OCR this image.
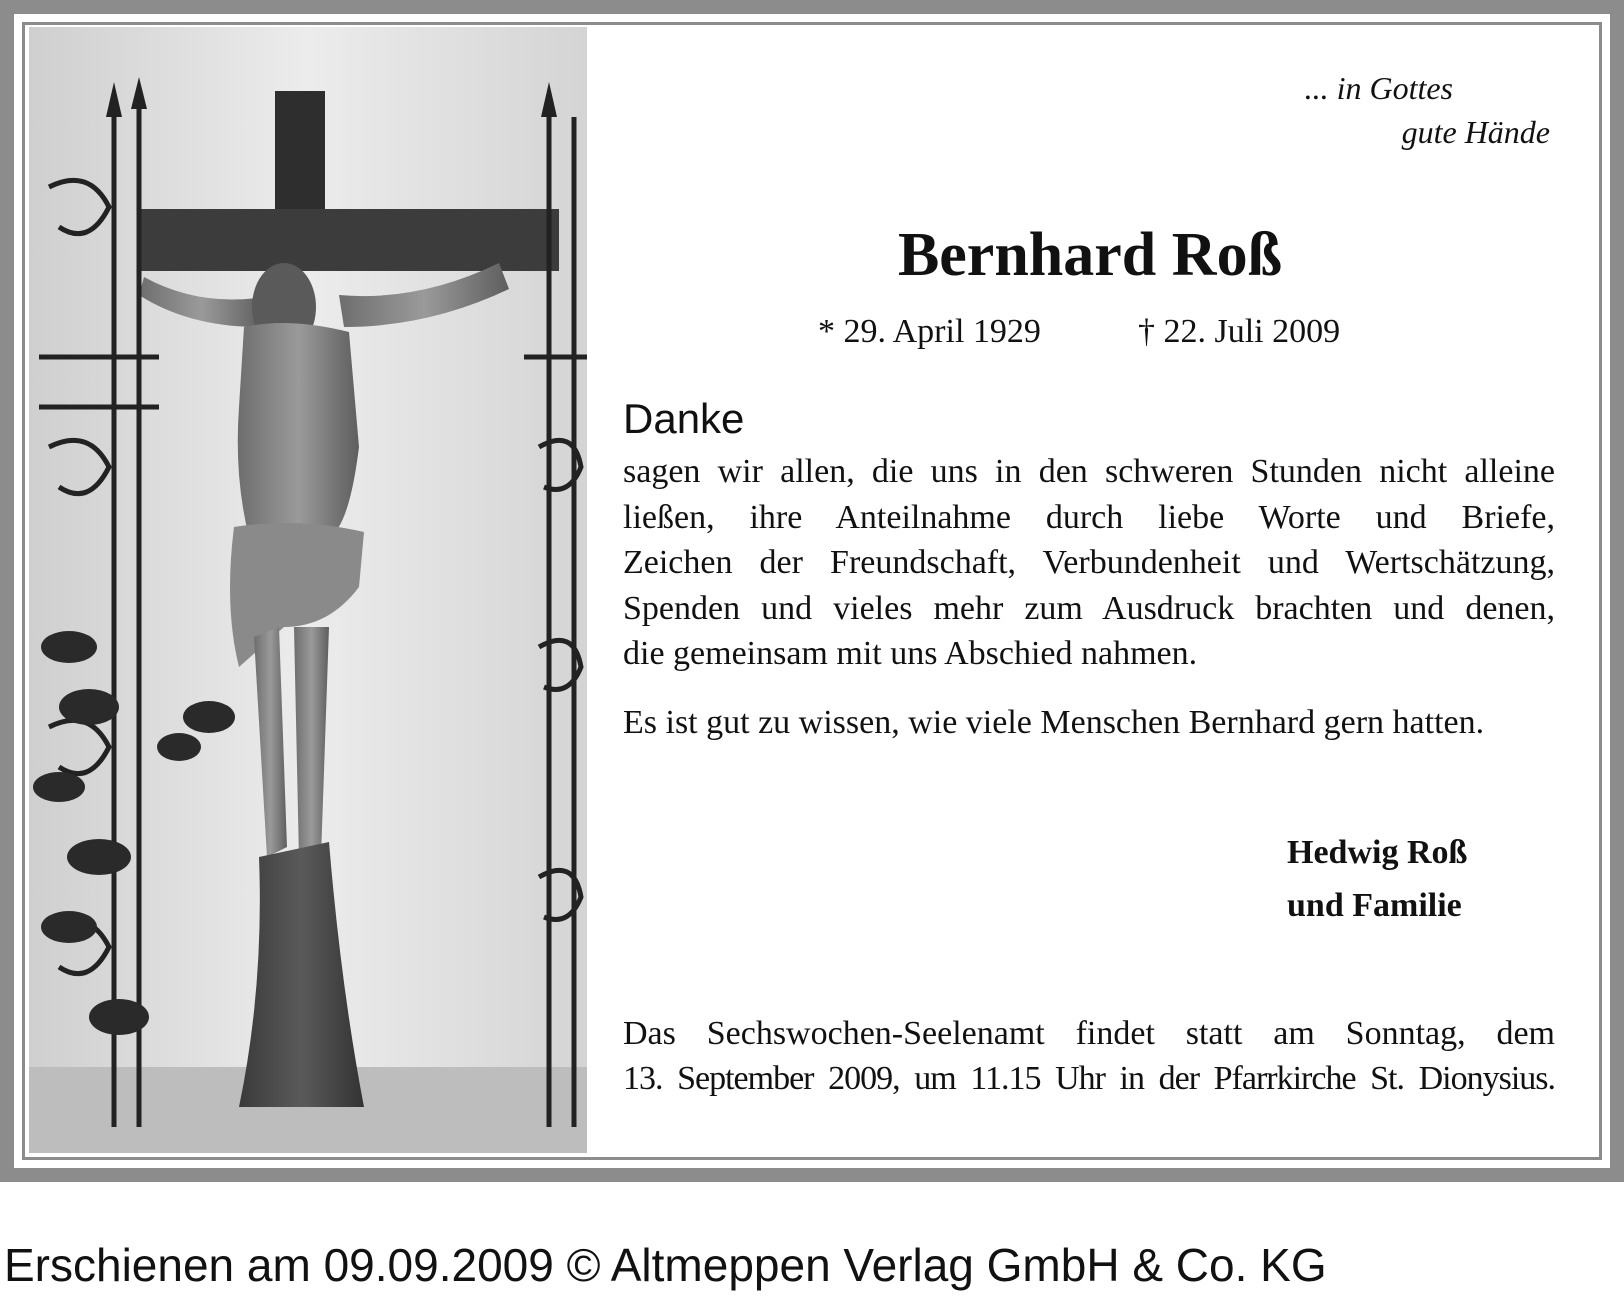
... in Gottes
gute Hände
Bernhard Roß
* 29. April 1929	† 22. Juli 2009
Danke
sagen wir allen, die uns in den schweren Stunden nicht alleine
ließen, ihre Anteilnahme durch liebe Worte und Briefe,
Zeichen der Freundschaft, Verbundenheit und Wertschätzung,
Spenden und vieles mehr zum Ausdruck brachten und denen,
die gemeinsam mit uns Abschied nahmen.
Es ist gut zu wissen, wie viele Menschen Bernhard gern hatten.
Hedwig Roß
und Familie
Das Sechswochen-Seelenamt findet statt am Sonntag, dem
13. September 2009, um 11.15 Uhr in der Pfarrkirche St. Dionysius.
Erschienen am 09.09.2009 © Altmeppen Verlag GmbH & Co. KG
